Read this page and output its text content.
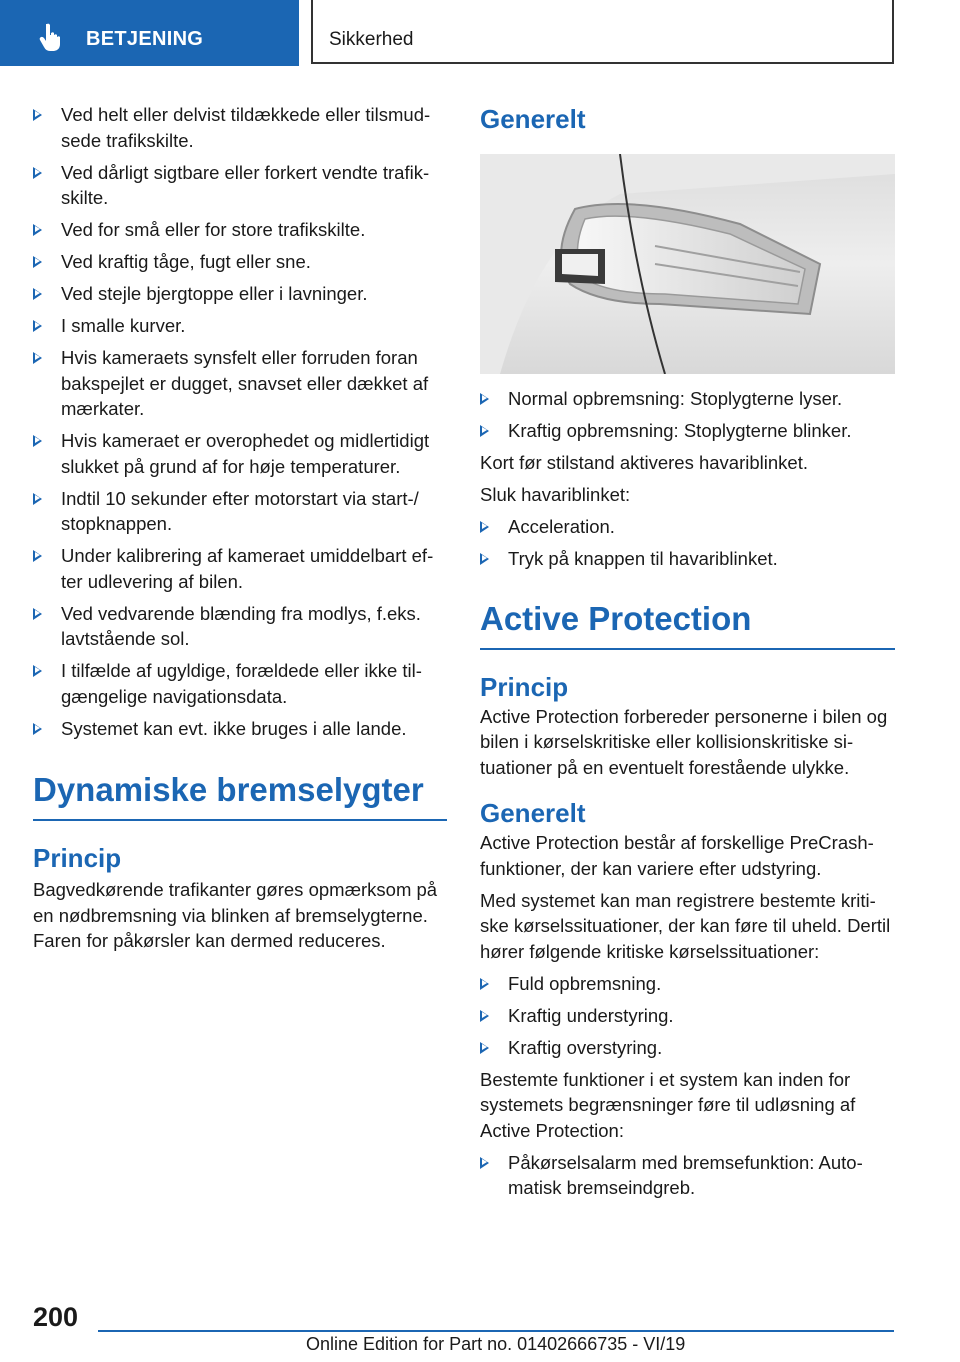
BETJENING	Sikkerhed
Ved helt eller delvist tildækkede eller tilsmudsede trafikskilte.
Ved dårligt sigtbare eller forkert vendte trafikskilte.
Ved for små eller for store trafikskilte.
Ved kraftig tåge, fugt eller sne.
Ved stejle bjergtoppe eller i lavninger.
I smalle kurver.
Hvis kameraets synsfelt eller forruden foran bakspejlet er dugget, snavset eller dækket af mærkater.
Hvis kameraet er overophedet og midlertidigt slukket på grund af for høje temperaturer.
Indtil 10 sekunder efter motorstart via start-/ stopknappen.
Under kalibrering af kameraet umiddelbart efter udlevering af bilen.
Ved vedvarende blænding fra modlys, f.eks. lavtstående sol.
I tilfælde af ugyldige, forældede eller ikke tilgængelige navigationsdata.
Systemet kan evt. ikke bruges i alle lande.
Dynamiske bremselygter
Princip

Bagvedkørende trafikanter gøres opmærksom på en nødbremsning via blinken af bremselygterne. Faren for påkørsler kan dermed reduceres.

Generelt
Normal opbremsning: Stoplygterne lyser.
Kraftig opbremsning: Stoplygterne blinker.

Kort før stilstand aktiveres havariblinket.

Sluk havariblinket:

Acceleration.
Tryk på knappen til havariblinket.
Active Protection
Princip

Active Protection forbereder personerne i bilen og bilen i kørselskritiske eller kollisionskritiske situationer på en eventuelt forestående ulykke.

Generelt

Active Protection består af forskellige PreCrash-funktioner, der kan variere efter udstyring.

Med systemet kan man registrere bestemte kritiske kørselssituationer, der kan føre til uheld. Dertil hører følgende kritiske kørselssituationer:

Fuld opbremsning.
Kraftig understyring.
Kraftig overstyring.

Bestemte funktioner i et system kan inden for systemets begrænsninger føre til udløsning af Active Protection:

Påkørselsalarm med bremsefunktion: Automatisk bremseindgreb.
200
Online Edition for Part no. 01402666735 - VI/19
